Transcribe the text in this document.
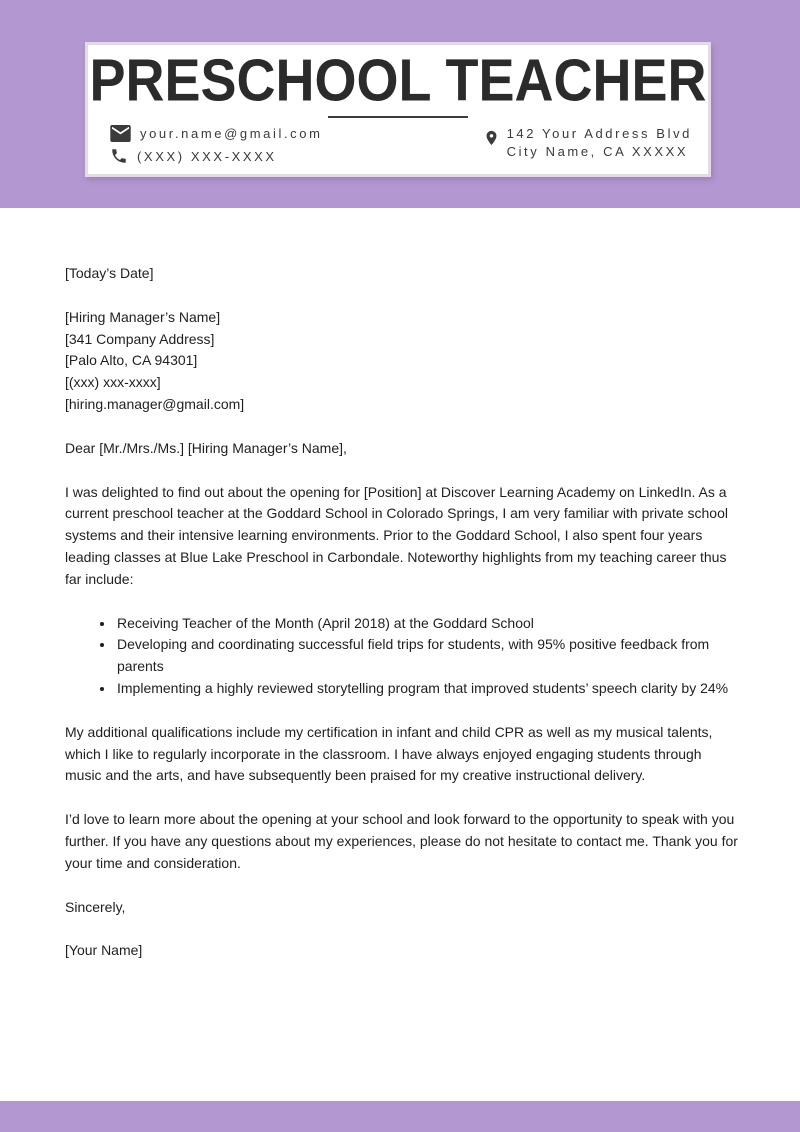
PRESCHOOL TEACHER
your.name@gmail.com
(XXX) XXX-XXXX
142 Your Address Blvd
City Name, CA XXXXX

[Today’s Date]

[Hiring Manager’s Name]

[341 Company Address]

[Palo Alto, CA 94301]

[(xxx) xxx-xxxx]

[hiring.manager@gmail.com]

Dear [Mr./Mrs./Ms.] [Hiring Manager’s Name],

I was delighted to find out about the opening for [Position] at Discover Learning Academy on LinkedIn. As a current preschool teacher at the Goddard School in Colorado Springs, I am very familiar with private school systems and their intensive learning environments. Prior to the Goddard School, I also spent four years leading classes at Blue Lake Preschool in Carbondale. Noteworthy highlights from my teaching career thus far include:

• Receiving Teacher of the Month (April 2018) at the Goddard School
• Developing and coordinating successful field trips for students, with 95% positive feedback from parents
• Implementing a highly reviewed storytelling program that improved students’ speech clarity by 24%

My additional qualifications include my certification in infant and child CPR as well as my musical talents, which I like to regularly incorporate in the classroom. I have always enjoyed engaging students through music and the arts, and have subsequently been praised for my creative instructional delivery.

I’d love to learn more about the opening at your school and look forward to the opportunity to speak with you further. If you have any questions about my experiences, please do not hesitate to contact me. Thank you for your time and consideration.

Sincerely,

[Your Name]
